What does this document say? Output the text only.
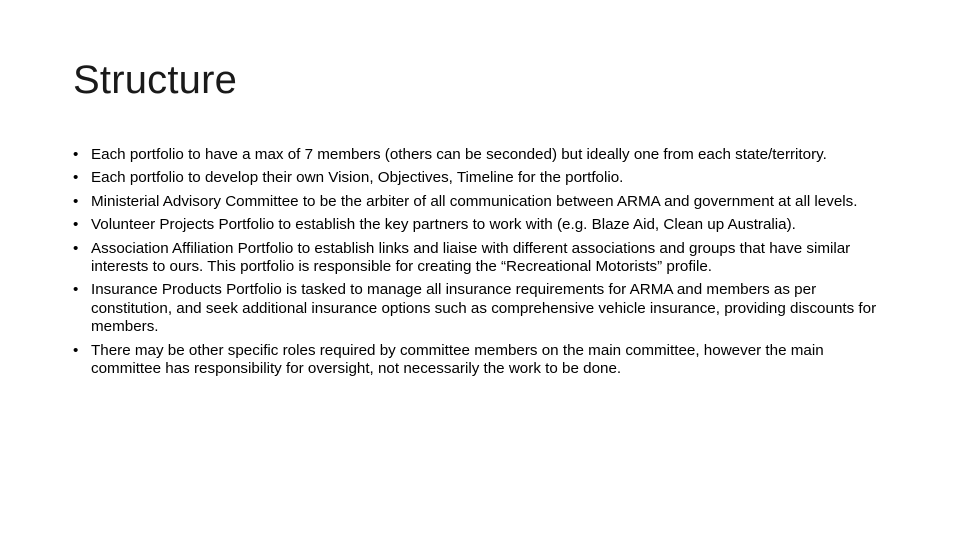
Structure
• Each portfolio to have a max of 7 members (others can be seconded) but ideally one from each state/territory.
• Each portfolio to develop their own Vision, Objectives, Timeline for the portfolio.
• Ministerial Advisory Committee to be the arbiter of all communication between ARMA and government at all levels.
• Volunteer Projects Portfolio to establish the key partners to work with (e.g. Blaze Aid, Clean up Australia).
• Association Affiliation Portfolio to establish links and liaise with different associations and groups that have similar interests to ours. This portfolio is responsible for creating the “Recreational Motorists” profile.
• Insurance Products Portfolio is tasked to manage all insurance requirements for ARMA and members as per constitution, and seek additional insurance options such as comprehensive vehicle insurance, providing discounts for members.
• There may be other specific roles required by committee members on the main committee, however the main committee has responsibility for oversight, not necessarily the work to be done.
